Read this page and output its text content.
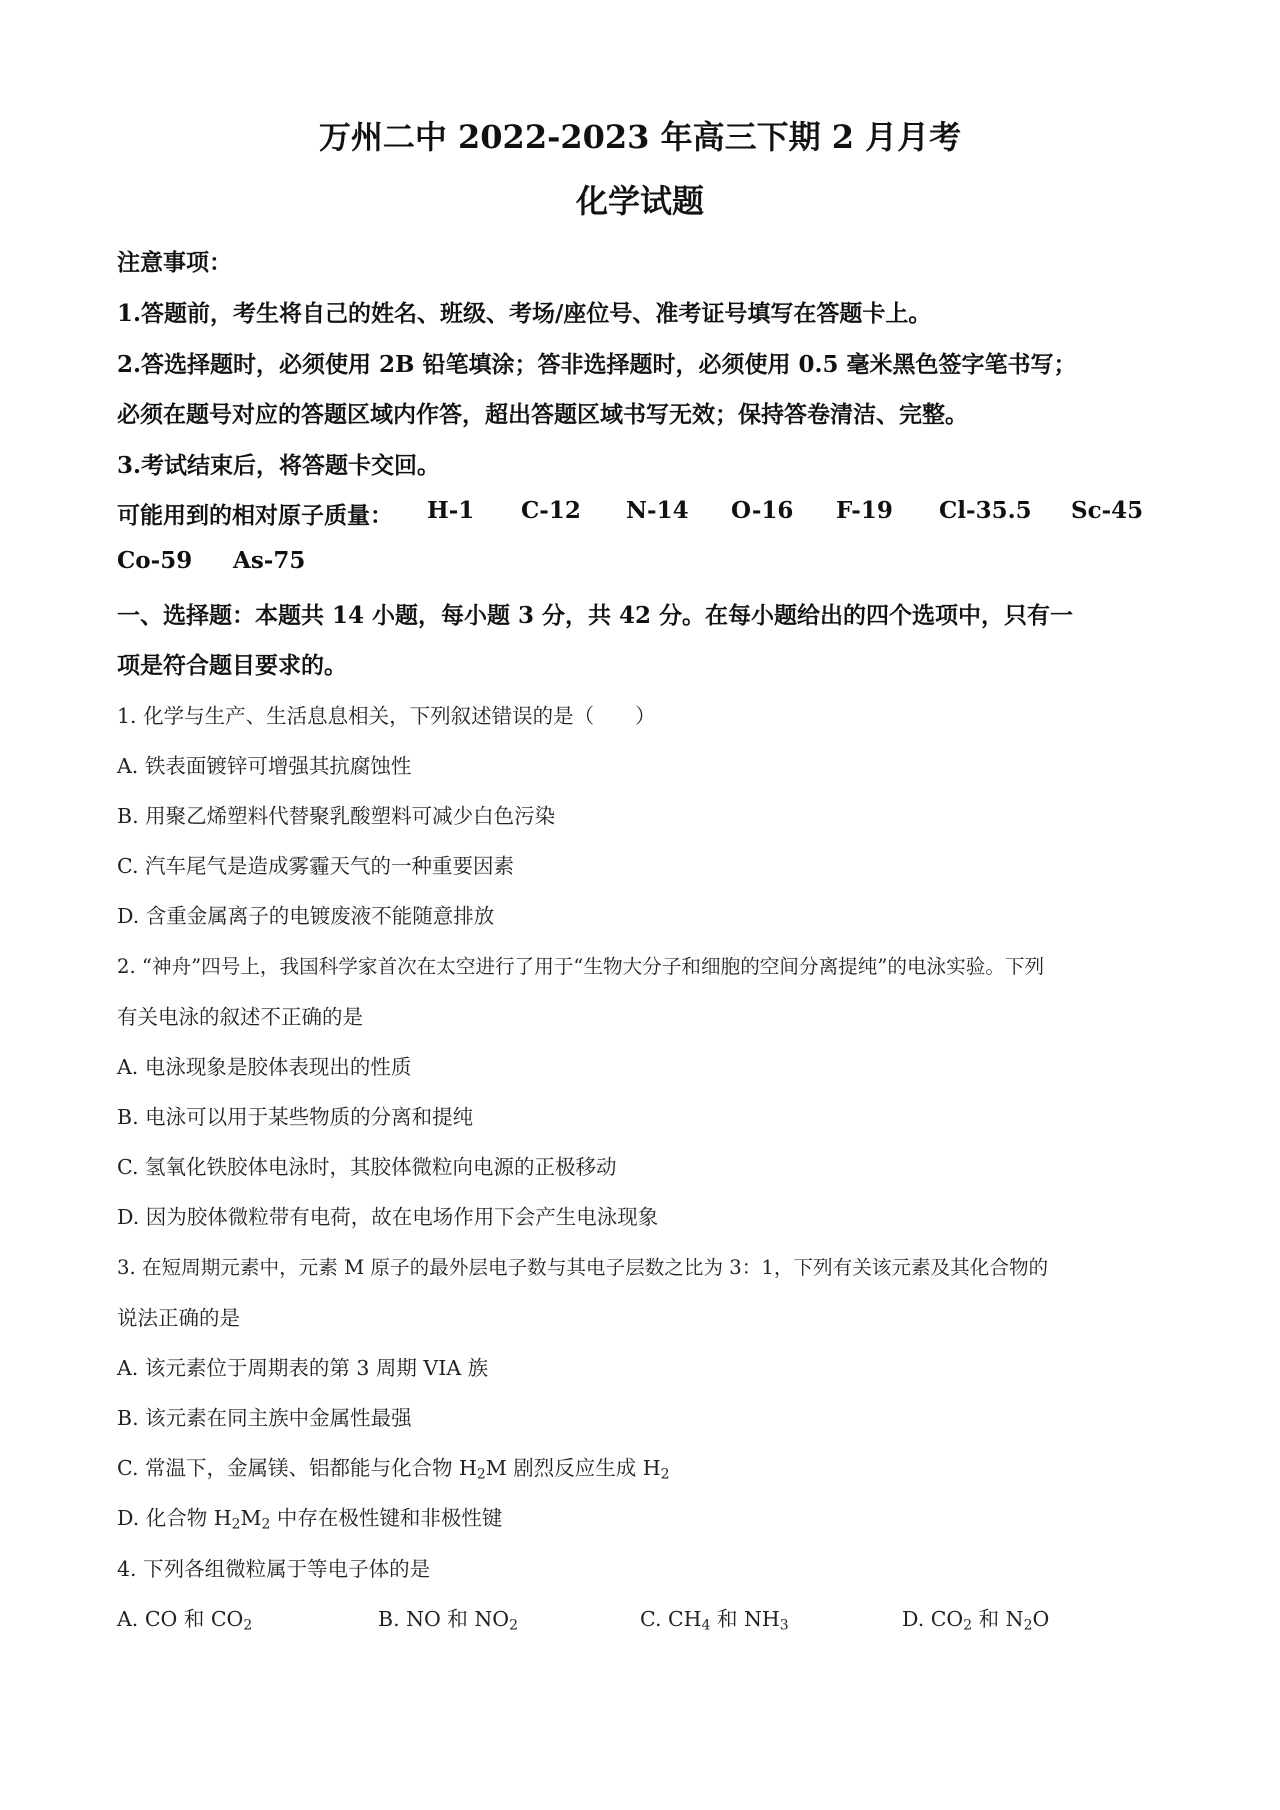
万州二中 2022-2023 年高三下期 2 月月考
化学试题
注意事项：
1.答题前，考生将自己的姓名、班级、考场/座位号、准考证号填写在答题卡上。
2.答选择题时，必须使用 2B 铅笔填涂；答非选择题时，必须使用 0.5 毫米黑色签字笔书写；
必须在题号对应的答题区域内作答，超出答题区域书写无效；保持答卷清洁、完整。
3.考试结束后，将答题卡交回。
可能用到的相对原子质量： H-1 C-12 N-14 O-16 F-19 Cl-35.5 Sc-45
Co-59 As-75
一、选择题：本题共 14 小题，每小题 3 分，共 42 分。在每小题给出的四个选项中，只有一
项是符合题目要求的。
1. 化学与生产、生活息息相关，下列叙述错误的是（　　）
A. 铁表面镀锌可增强其抗腐蚀性
B. 用聚乙烯塑料代替聚乳酸塑料可减少白色污染
C. 汽车尾气是造成雾霾天气的一种重要因素
D. 含重金属离子的电镀废液不能随意排放
2. “神舟”四号上，我国科学家首次在太空进行了用于“生物大分子和细胞的空间分离提纯”的电泳实验。下列
有关电泳的叙述不正确的是
A. 电泳现象是胶体表现出的性质
B. 电泳可以用于某些物质的分离和提纯
C. 氢氧化铁胶体电泳时，其胶体微粒向电源的正极移动
D. 因为胶体微粒带有电荷，故在电场作用下会产生电泳现象
3. 在短周期元素中，元素 M 原子的最外层电子数与其电子层数之比为 3：1，下列有关该元素及其化合物的
说法正确的是
A. 该元素位于周期表的第 3 周期 VIA 族
B. 该元素在同主族中金属性最强
C. 常温下，金属镁、铝都能与化合物 $H_2M$ 剧烈反应生成 $H_2$
D. 化合物 $H_2M_2$ 中存在极性键和非极性键
4. 下列各组微粒属于等电子体的是
A. CO 和 $CO_2$	B. NO 和 $NO_2$	C. $CH_4$ 和 $NH_3$	D. $CO_2$ 和 $N_2O$
